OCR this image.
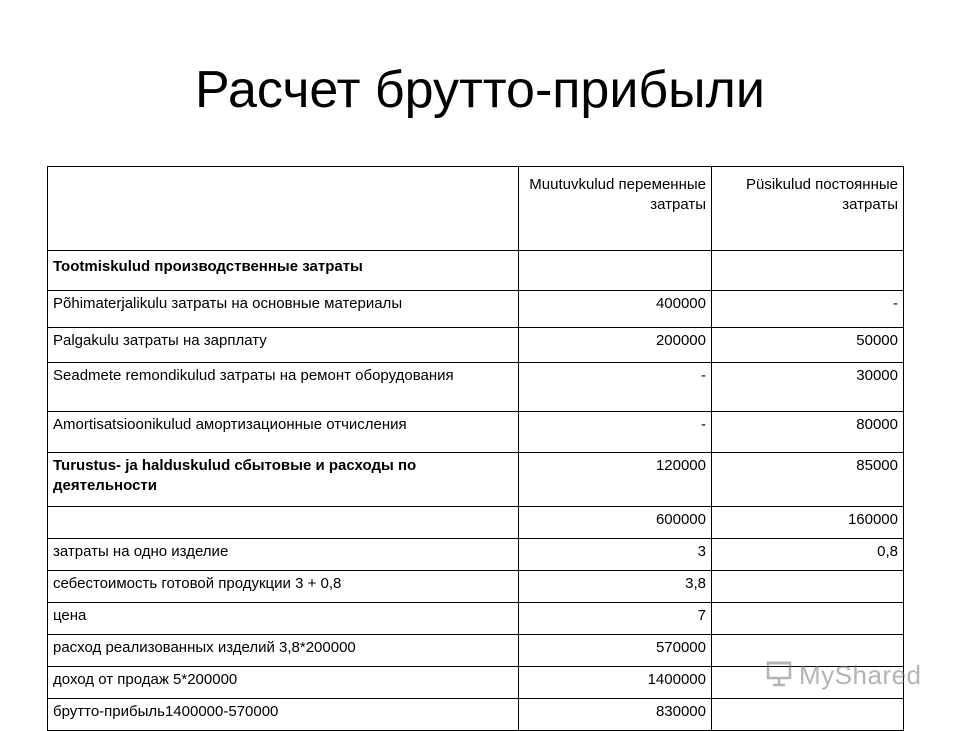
Расчет брутто-прибыли
	Muutuvkulud переменные затраты	Püsikulud постоянные затраты
Tootmiskulud производственные затраты		
Põhimaterjalikulu затраты на основные материалы	400000	-
Palgakulu затраты на зарплату	200000	50000
Seadmete remondikulud затраты на ремонт оборудования	-	30000
Amortisatsioonikulud амортизационные отчисления	-	80000
Turustus- ja halduskulud сбытовые и расходы по деятельности	120000	85000
	600000	160000
затраты на одно изделие	3	0,8
себестоимость готовой продукции 3 + 0,8	3,8	
цена	7	
расход реализованных изделий 3,8*200000	570000	
доход от продаж 5*200000	1400000	
брутто-прибыль1400000-570000	830000	
MyShared
